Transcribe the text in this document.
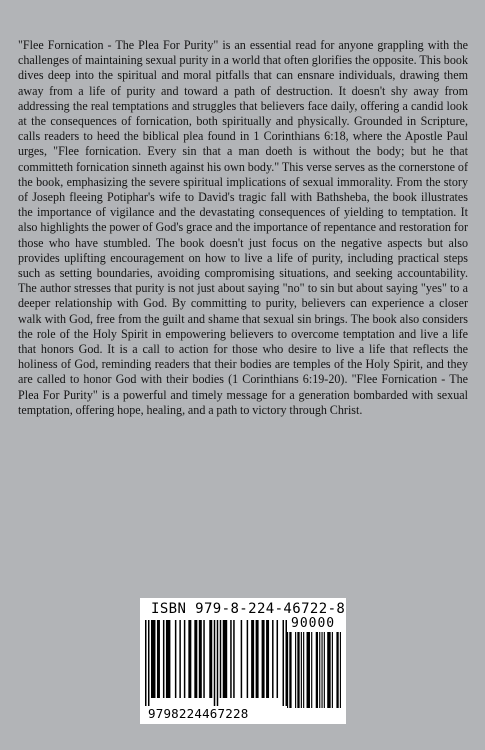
"Flee Fornication - The Plea For Purity" is an essential read for anyone grappling with the challenges of maintaining sexual purity in a world that often glorifies the opposite. This book dives deep into the spiritual and moral pitfalls that can ensnare individuals, drawing them away from a life of purity and toward a path of destruction. It doesn't shy away from addressing the real temptations and struggles that believers face daily, offering a candid look at the consequences of fornication, both spiritually and physically. Grounded in Scripture, calls readers to heed the biblical plea found in 1 Corinthians 6:18, where the Apostle Paul urges, "Flee fornication. Every sin that a man doeth is without the body; but he that committeth fornication sinneth against his own body." This verse serves as the cornerstone of the book, emphasizing the severe spiritual implications of sexual immorality. From the story of Joseph fleeing Potiphar's wife to David's tragic fall with Bathsheba, the book illustrates the importance of vigilance and the devastating consequences of yielding to temptation. It also highlights the power of God's grace and the importance of repentance and restoration for those who have stumbled. The book doesn't just focus on the negative aspects but also provides uplifting encouragement on how to live a life of purity, including practical steps such as setting boundaries, avoiding compromising situations, and seeking accountability. The author stresses that purity is not just about saying "no" to sin but about saying "yes" to a deeper relationship with God. By committing to purity, believers can experience a closer walk with God, free from the guilt and shame that sexual sin brings. The book also considers the role of the Holy Spirit in empowering believers to overcome temptation and live a life that honors God. It is a call to action for those who desire to live a life that reflects the holiness of God, reminding readers that their bodies are temples of the Holy Spirit, and they are called to honor God with their bodies (1 Corinthians 6:19-20). "Flee Fornication - The Plea For Purity" is a powerful and timely message for a generation bombarded with sexual temptation, offering hope, healing, and a path to victory through Christ.

ISBN 979-8-224-46722-8
90000
9798224467228
